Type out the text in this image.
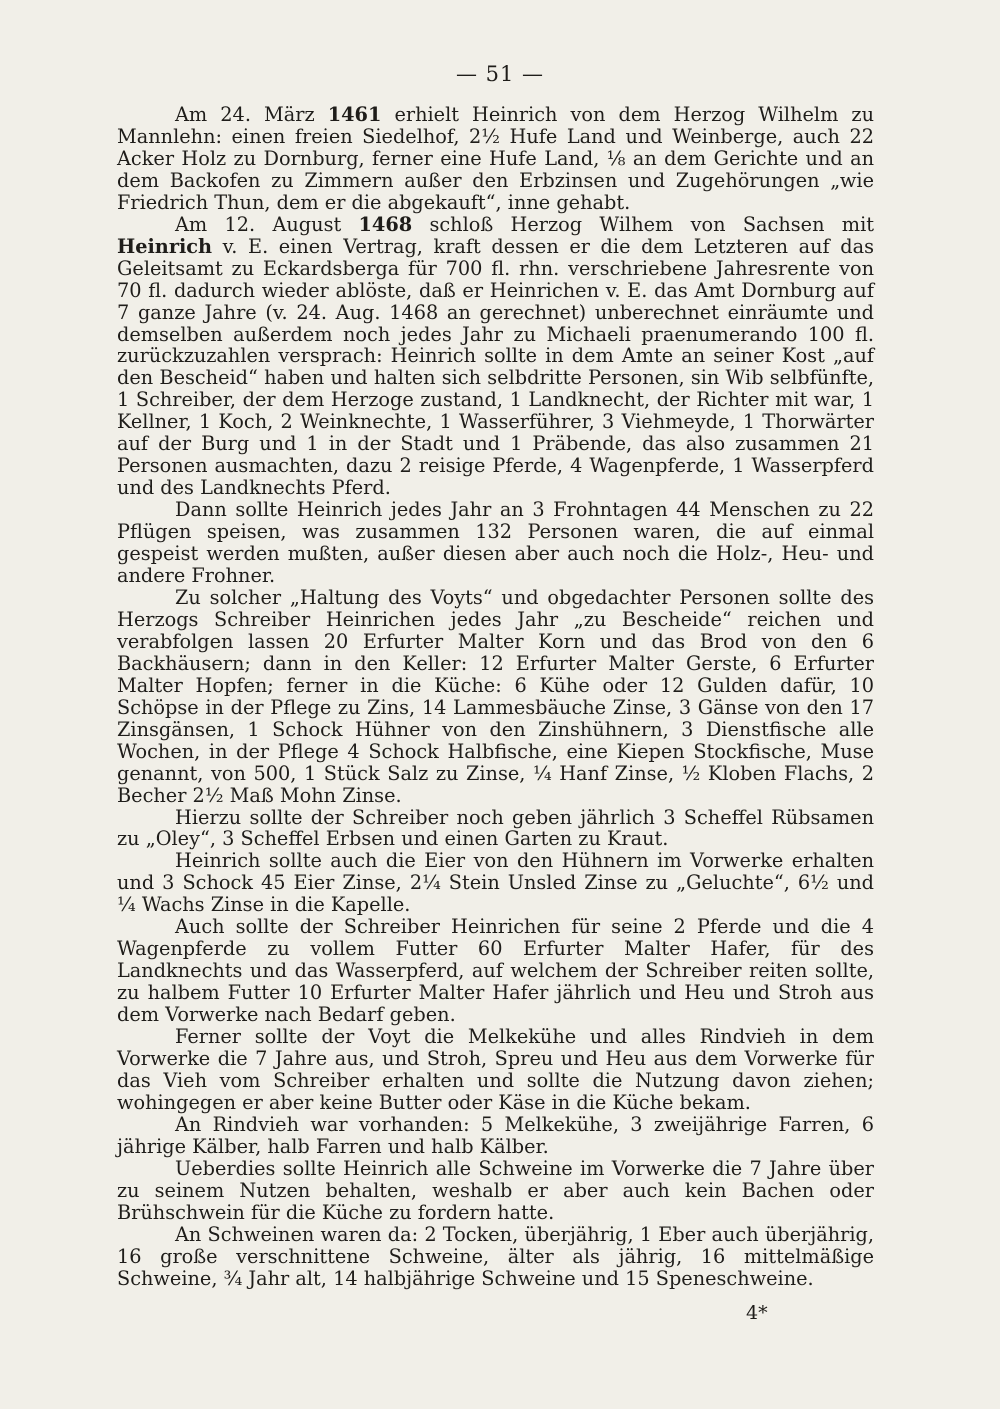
— 51 —

Am 24. März 1461 erhielt Heinrich von dem Herzog Wilhelm zu Mannlehn: einen freien Siedelhof, 2½ Hufe Land und Weinberge, auch 22 Acker Holz zu Dornburg, ferner eine Hufe Land, ⅛ an dem Gerichte und an dem Backofen zu Zimmern außer den Erbzinsen und Zugehörungen „wie Friedrich Thun, dem er die abgekauft“, inne gehabt.

Am 12. August 1468 schloß Herzog Wilhem von Sachsen mit Heinrich v. E. einen Vertrag, kraft dessen er die dem Letzteren auf das Geleitsamt zu Eckardsberga für 700 fl. rhn. verschriebene Jahresrente von 70 fl. dadurch wieder ablöste, daß er Heinrichen v. E. das Amt Dornburg auf 7 ganze Jahre (v. 24. Aug. 1468 an gerechnet) unberechnet einräumte und demselben außerdem noch jedes Jahr zu Michaeli praenumerando 100 fl. zurückzuzahlen versprach: Heinrich sollte in dem Amte an seiner Kost „auf den Bescheid“ haben und halten sich selbdritte Personen, sin Wib selbfünfte, 1 Schreiber, der dem Herzoge zustand, 1 Landknecht, der Richter mit war, 1 Kellner, 1 Koch, 2 Weinknechte, 1 Wasserführer, 3 Viehmeyde, 1 Thorwärter auf der Burg und 1 in der Stadt und 1 Präbende, das also zusammen 21 Personen ausmachten, dazu 2 reisige Pferde, 4 Wagenpferde, 1 Wasserpferd und des Landknechts Pferd.

Dann sollte Heinrich jedes Jahr an 3 Frohntagen 44 Menschen zu 22 Pflügen speisen, was zusammen 132 Personen waren, die auf einmal gespeist werden mußten, außer diesen aber auch noch die Holz-, Heu- und andere Frohner.

Zu solcher „Haltung des Voyts“ und obgedachter Personen sollte des Herzogs Schreiber Heinrichen jedes Jahr „zu Bescheide“ reichen und verabfolgen lassen 20 Erfurter Malter Korn und das Brod von den 6 Backhäusern; dann in den Keller: 12 Erfurter Malter Gerste, 6 Erfurter Malter Hopfen; ferner in die Küche: 6 Kühe oder 12 Gulden dafür, 10 Schöpse in der Pflege zu Zins, 14 Lammesbäuche Zinse, 3 Gänse von den 17 Zinsgänsen, 1 Schock Hühner von den Zinshühnern, 3 Dienstfische alle Wochen, in der Pflege 4 Schock Halbfische, eine Kiepen Stockfische, Muse genannt, von 500, 1 Stück Salz zu Zinse, ¼ Hanf Zinse, ½ Kloben Flachs, 2 Becher 2½ Maß Mohn Zinse.

Hierzu sollte der Schreiber noch geben jährlich 3 Scheffel Rübsamen zu „Oley“, 3 Scheffel Erbsen und einen Garten zu Kraut.

Heinrich sollte auch die Eier von den Hühnern im Vorwerke erhalten und 3 Schock 45 Eier Zinse, 2¼ Stein Unsled Zinse zu „Geluchte“, 6½ und ¼ Wachs Zinse in die Kapelle.

Auch sollte der Schreiber Heinrichen für seine 2 Pferde und die 4 Wagenpferde zu vollem Futter 60 Erfurter Malter Hafer, für des Landknechts und das Wasserpferd, auf welchem der Schreiber reiten sollte, zu halbem Futter 10 Erfurter Malter Hafer jährlich und Heu und Stroh aus dem Vorwerke nach Bedarf geben.

Ferner sollte der Voyt die Melkekühe und alles Rindvieh in dem Vorwerke die 7 Jahre aus, und Stroh, Spreu und Heu aus dem Vorwerke für das Vieh vom Schreiber erhalten und sollte die Nutzung davon ziehen; wohingegen er aber keine Butter oder Käse in die Küche bekam.

An Rindvieh war vorhanden: 5 Melkekühe, 3 zweijährige Farren, 6 jährige Kälber, halb Farren und halb Kälber.

Ueberdies sollte Heinrich alle Schweine im Vorwerke die 7 Jahre über zu seinem Nutzen behalten, weshalb er aber auch kein Bachen oder Brühschwein für die Küche zu fordern hatte.

An Schweinen waren da: 2 Tocken, überjährig, 1 Eber auch überjährig, 16 große verschnittene Schweine, älter als jährig, 16 mittelmäßige Schweine, ¾ Jahr alt, 14 halbjährige Schweine und 15 Speneschweine.

4*
